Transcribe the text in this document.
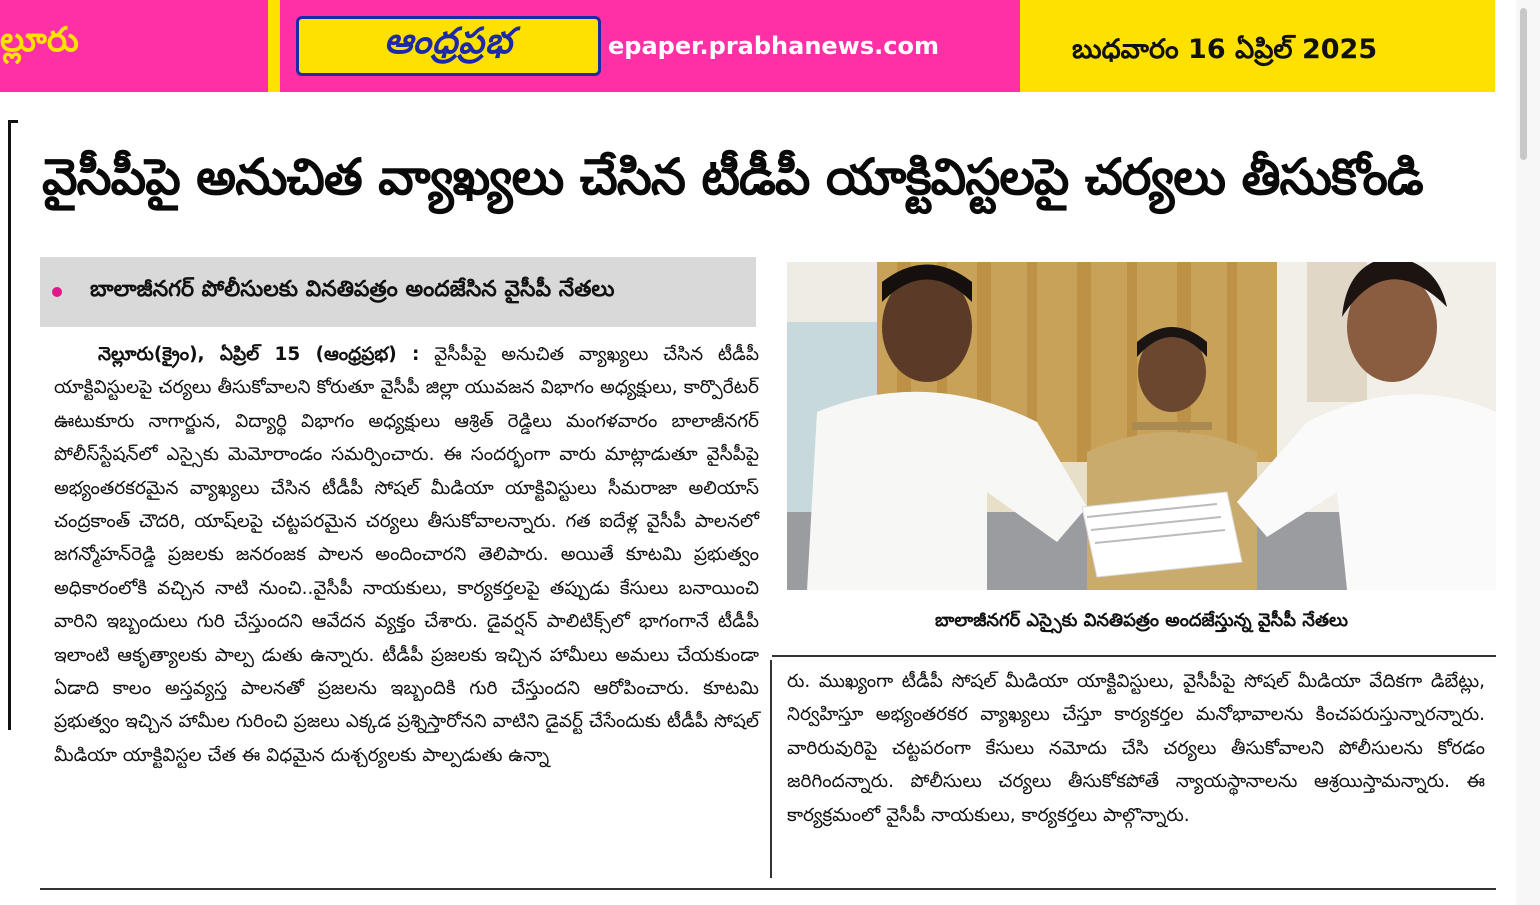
ల్లూరు	ఆంధ్రప్రభ	epaper.prabhanews.com	బుధవారం 16 ఏప్రిల్ 2025
వైసీపీపై అనుచిత వ్యాఖ్యలు చేసిన టీడీపీ యాక్టివిస్టలపై చర్యలు తీసుకోండి
బాలాజీనగర్ పోలీసులకు వినతిపత్రం అందజేసిన వైసీపీ నేతలు

నెల్లూరు(క్రైం), ఏప్రిల్ 15 (ఆంధ్రప్రభ) : వైసీపీపై అనుచిత వ్యాఖ్యలు చేసిన టీడీపీ యాక్టివిస్టులపై చర్యలు తీసుకోవాలని కోరుతూ వైసీపీ జిల్లా యువజన విభాగం అధ్యక్షులు, కార్పొరేటర్ ఊటుకూరు నాగార్జున, విద్యార్థి విభాగం అధ్యక్షులు ఆశ్రిత్ రెడ్డిలు మంగళవారం బాలాజీనగర్ పోలీస్‌స్టేషన్‌లో ఎస్సైకు మెమోరాండం సమర్పించారు. ఈ సందర్భంగా వారు మాట్లాడుతూ వైసీపీపై అభ్యంతరకరమైన వ్యాఖ్యలు చేసిన టీడీపీ సోషల్ మీడియా యాక్టివిస్టులు సీమరాజా అలియాస్ చంద్రకాంత్ చౌదరి, యాష్‌లపై చట్టపరమైన చర్యలు తీసుకోవాలన్నారు. గత ఐదేళ్ల వైసీపీ పాలనలో జగన్మోహన్‌రెడ్డి ప్రజలకు జనరంజక పాలన అందించారని తెలిపారు. అయితే కూటమి ప్రభుత్వం అధికారంలోకి వచ్చిన నాటి నుంచి..వైసీపీ నాయకులు, కార్యకర్తలపై తప్పుడు కేసులు బనాయించి వారిని ఇబ్బందులు గురి చేస్తుందని ఆవేదన వ్యక్తం చేశారు. డైవర్షన్ పాలిటిక్స్‌లో భాగంగానే టీడీపీ ఇలాంటి ఆకృత్యాలకు పాల్ప డుతు ఉన్నారు. టీడీపీ ప్రజలకు ఇచ్చిన హామీలు అమలు చేయకుండా ఏడాది కాలం అస్తవ్యస్త పాలనతో ప్రజలను ఇబ్బందికి గురి చేస్తుందని ఆరోపించారు. కూటమి ప్రభుత్వం ఇచ్చిన హామీల గురించి ప్రజలు ఎక్కడ ప్రశ్నిస్తారోనని వాటిని డైవర్ట్ చేసేందుకు టీడీపీ సోషల్ మీడియా యాక్టివిస్టల చేత ఈ విధమైన దుశ్చర్యలకు పాల్పడుతు ఉన్నా

బాలాజీనగర్ ఎస్సైకు వినతిపత్రం అందజేస్తున్న వైసీపీ నేతలు

రు. ముఖ్యంగా టీడీపీ సోషల్ మీడియా యాక్టివిస్టులు, వైసీపీపై సోషల్ మీడియా వేదికగా డిబేట్లు, నిర్వహిస్తూ అభ్యంతరకర వ్యాఖ్యలు చేస్తూ కార్యకర్తల మనోభావాలను కించపరుస్తున్నారన్నారు. వారిరువురిపై చట్టపరంగా కేసులు నమోదు చేసి చర్యలు తీసుకోవాలని పోలీసులను కోరడం జరిగిందన్నారు. పోలీసులు చర్యలు తీసుకోకపోతే న్యాయస్థానాలను ఆశ్రయిస్తామన్నారు. ఈ కార్యక్రమంలో వైసీపీ నాయకులు, కార్యకర్తలు పాల్గొన్నారు.
